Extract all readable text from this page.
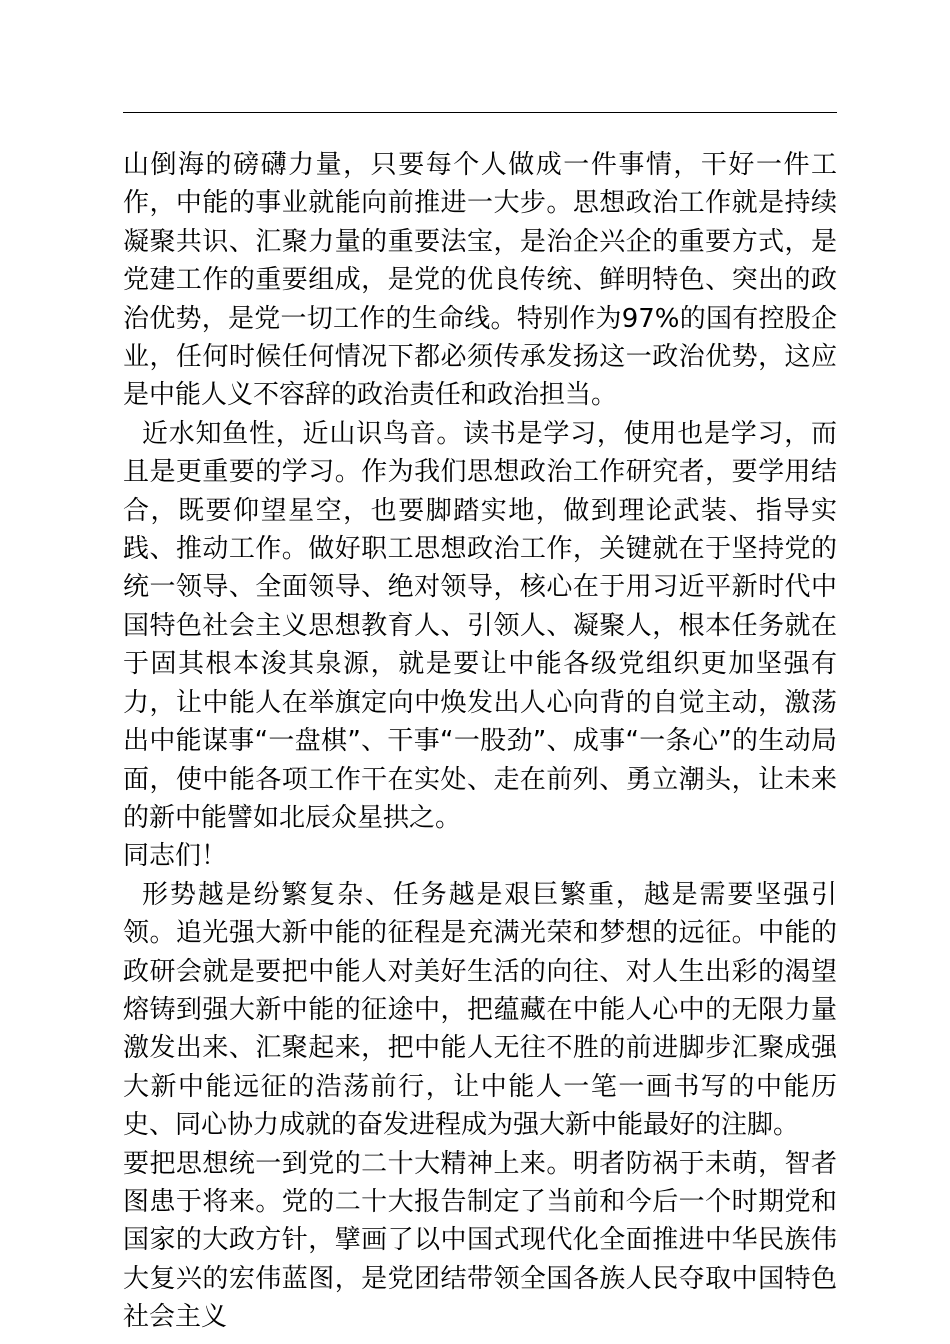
山倒海的磅礴力量，只要每个人做成一件事情，干好一件工作，中能的事业就能向前推进一大步。思想政治工作就是持续凝聚共识、汇聚力量的重要法宝，是治企兴企的重要方式，是党建工作的重要组成，是党的优良传统、鲜明特色、突出的政治优势，是党一切工作的生命线。特别作为97%的国有控股企业，任何时候任何情况下都必须传承发扬这一政治优势，这应是中能人义不容辞的政治责任和政治担当。

近水知鱼性，近山识鸟音。读书是学习，使用也是学习，而且是更重要的学习。作为我们思想政治工作研究者，要学用结合，既要仰望星空，也要脚踏实地，做到理论武装、指导实践、推动工作。做好职工思想政治工作，关键就在于坚持党的统一领导、全面领导、绝对领导，核心在于用习近平新时代中国特色社会主义思想教育人、引领人、凝聚人，根本任务就在于固其根本浚其泉源，就是要让中能各级党组织更加坚强有力，让中能人在举旗定向中焕发出人心向背的自觉主动，激荡出中能谋事“一盘棋”、干事“一股劲”、成事“一条心”的生动局面，使中能各项工作干在实处、走在前列、勇立潮头，让未来的新中能譬如北辰众星拱之。

同志们！

形势越是纷繁复杂、任务越是艰巨繁重，越是需要坚强引领。追光强大新中能的征程是充满光荣和梦想的远征。中能的政研会就是要把中能人对美好生活的向往、对人生出彩的渴望熔铸到强大新中能的征途中，把蕴藏在中能人心中的无限力量激发出来、汇聚起来，把中能人无往不胜的前进脚步汇聚成强大新中能远征的浩荡前行，让中能人一笔一画书写的中能历史、同心协力成就的奋发进程成为强大新中能最好的注脚。

要把思想统一到党的二十大精神上来。明者防祸于未萌，智者图患于将来。党的二十大报告制定了当前和今后一个时期党和国家的大政方针，擘画了以中国式现代化全面推进中华民族伟大复兴的宏伟蓝图，是党团结带领全国各族人民夺取中国特色社会主义
